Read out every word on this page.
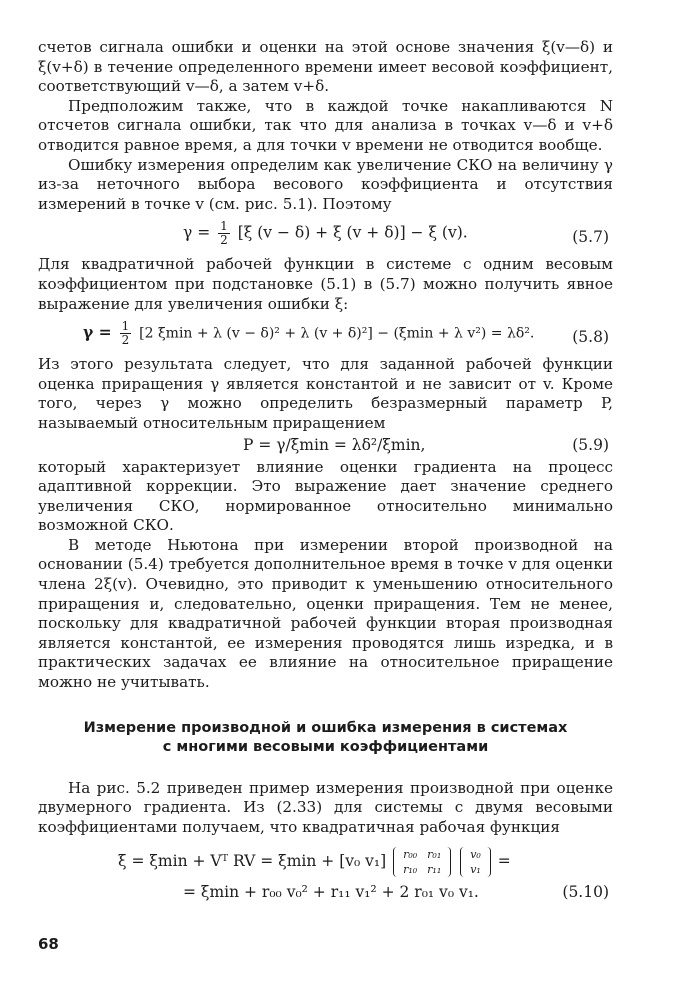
счетов сигнала ошибки и оценки на этой основе значения ξ(v—δ) и ξ(v+δ) в течение определенного времени имеет весовой коэффициент, соответствующий v—δ, а затем v+δ.

Предположим также, что в каждой точке накапливаются N отсчетов сигнала ошибки, так что для анализа в точках v—δ и v+δ отводится равное время, а для точки v времени не отводится вообще.

Ошибку измерения определим как увеличение СКО на величину γ из-за неточного выбора весового коэффициента и отсутствия измерений в точке v (см. рис. 5.1). Поэтому

$\gamma = \frac{1}{2} [\xi$ (v − δ) + ξ (v + δ)] − ξ (v).	(5.7)

Для квадратичной рабочей функции в системе с одним весовым коэффициентом при подстановке (5.1) в (5.7) можно получить явное выражение для увеличения ошибки ξ:

$\gamma = \frac{1}{2} [2$ ξmin + λ (v − δ)² + λ (v + δ)²] − (ξmin + λ v²) = λδ².	(5.8)

Из этого результата следует, что для заданной рабочей функции оценка приращения γ является константой и не зависит от v. Кроме того, через γ можно определить безразмерный параметр P, называемый относительным приращением

P = γ/ξmin = λδ²/ξmin,	(5.9)

который характеризует влияние оценки градиента на процесс адаптивной коррекции. Это выражение дает значение среднего увеличения СКО, нормированное относительно минимально возможной СКО.

В методе Ньютона при измерении второй производной на основании (5.4) требуется дополнительное время в точке v для оценки члена 2ξ(v). Очевидно, это приводит к уменьшению относительного приращения и, следовательно, оценки приращения. Тем не менее, поскольку для квадратичной рабочей функции вторая производная является константой, ее измерения проводятся лишь изредка, и в практических задачах ее влияние на относительное приращение можно не учитывать.

Измерение производной и ошибка измерения в системах

с многими весовыми коэффициентами

На рис. 5.2 приведен пример измерения производной при оценке двумерного градиента. Из (2.33) для системы с двумя весовыми коэффициентами получаем, что квадратичная рабочая функция

ξ = ξmin + Vᵀ RV = ξmin + [v₀ v₁] r₀₀	r₀₁
r₁₀	r₁₁

v₀
v₁ =
= ξmin + r₀₀ v₀² + r₁₁ v₁² + 2 r₀₁ v₀ v₁.	(5.10)
68
